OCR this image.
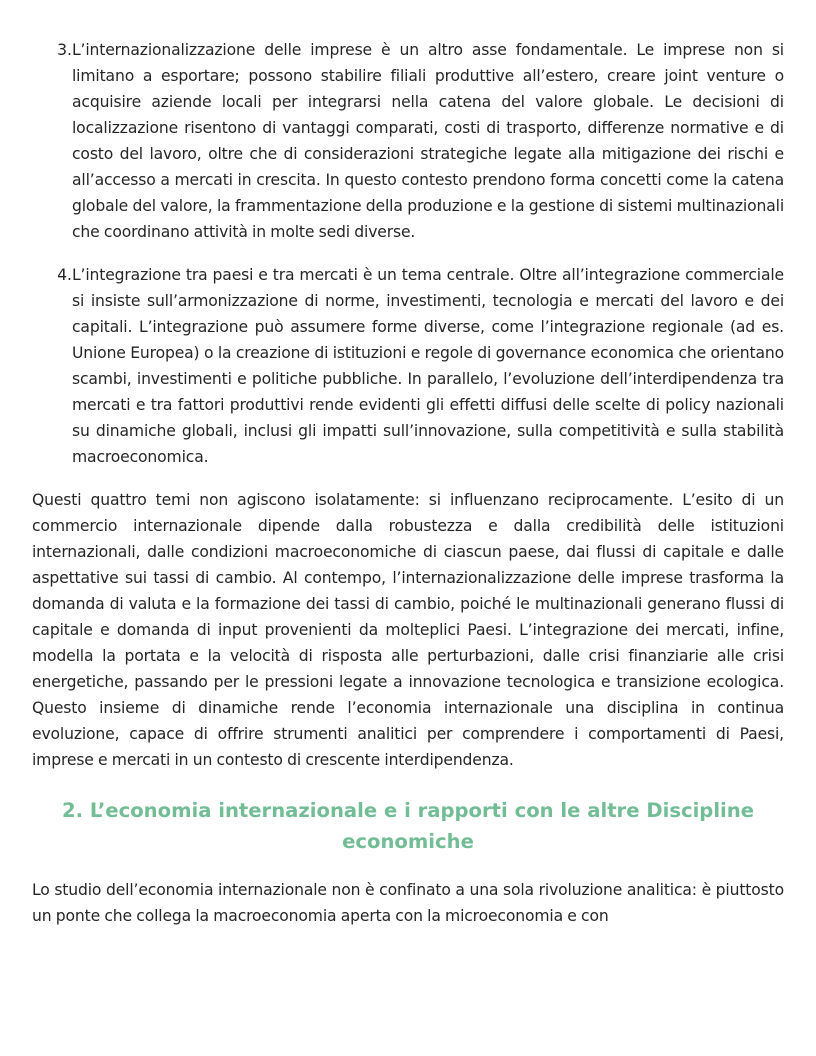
3. L’internazionalizzazione delle imprese è un altro asse fondamentale. Le imprese non si limitano a esportare; possono stabilire filiali produttive all’estero, creare joint venture o acquisire aziende locali per integrarsi nella catena del valore globale. Le decisioni di localizzazione risentono di vantaggi comparati, costi di trasporto, differenze normative e di costo del lavoro, oltre che di considerazioni strategiche legate alla mitigazione dei rischi e all’accesso a mercati in crescita. In questo contesto prendono forma concetti come la catena globale del valore, la frammentazione della produzione e la gestione di sistemi multinazionali che coordinano attività in molte sedi diverse.
4. L’integrazione tra paesi e tra mercati è un tema centrale. Oltre all’integrazione commerciale si insiste sull’armonizzazione di norme, investimenti, tecnologia e mercati del lavoro e dei capitali. L’integrazione può assumere forme diverse, come l’integrazione regionale (ad es. Unione Europea) o la creazione di istituzioni e regole di governance economica che orientano scambi, investimenti e politiche pubbliche. In parallelo, l’evoluzione dell’interdipendenza tra mercati e tra fattori produttivi rende evidenti gli effetti diffusi delle scelte di policy nazionali su dinamiche globali, inclusi gli impatti sull’innovazione, sulla competitività e sulla stabilità macroeconomica.

Questi quattro temi non agiscono isolatamente: si influenzano reciprocamente. L’esito di un commercio internazionale dipende dalla robustezza e dalla credibilità delle istituzioni internazionali, dalle condizioni macroeconomiche di ciascun paese, dai flussi di capitale e dalle aspettative sui tassi di cambio. Al contempo, l’internazionalizzazione delle imprese trasforma la domanda di valuta e la formazione dei tassi di cambio, poiché le multinazionali generano flussi di capitale e domanda di input provenienti da molteplici Paesi. L’integrazione dei mercati, infine, modella la portata e la velocità di risposta alle perturbazioni, dalle crisi finanziarie alle crisi energetiche, passando per le pressioni legate a innovazione tecnologica e transizione ecologica. Questo insieme di dinamiche rende l’economia internazionale una disciplina in continua evoluzione, capace di offrire strumenti analitici per comprendere i comportamenti di Paesi, imprese e mercati in un contesto di crescente interdipendenza.

2. L’economia internazionale e i rapporti con le altre Discipline economiche

Lo studio dell’economia internazionale non è confinato a una sola rivoluzione analitica: è piuttosto un ponte che collega la macroeconomia aperta con la microeconomia e con
